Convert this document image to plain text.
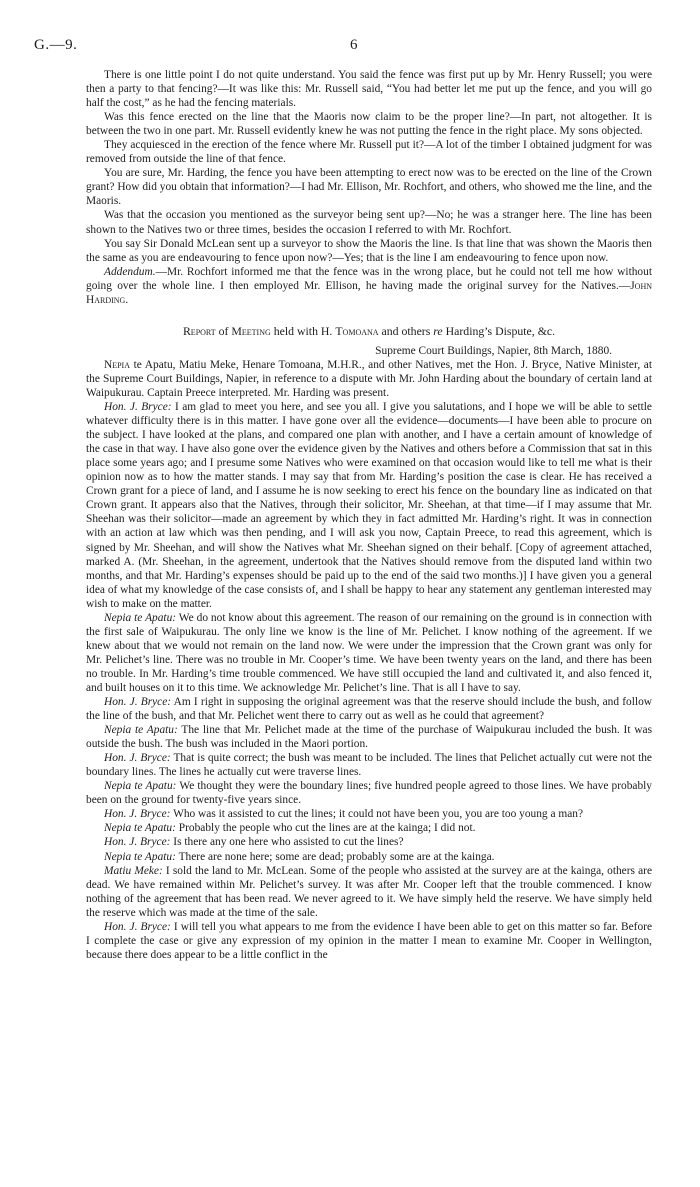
G.—9.	6

There is one little point I do not quite understand. You said the fence was first put up by Mr. Henry Russell; you were then a party to that fencing?—It was like this: Mr. Russell said, “You had better let me put up the fence, and you will go half the cost,” as he had the fencing materials.

Was this fence erected on the line that the Maoris now claim to be the proper line?—In part, not altogether. It is between the two in one part. Mr. Russell evidently knew he was not putting the fence in the right place. My sons objected.

They acquiesced in the erection of the fence where Mr. Russell put it?—A lot of the timber I obtained judgment for was removed from outside the line of that fence.

You are sure, Mr. Harding, the fence you have been attempting to erect now was to be erected on the line of the Crown grant? How did you obtain that information?—I had Mr. Ellison, Mr. Rochfort, and others, who showed me the line, and the Maoris.

Was that the occasion you mentioned as the surveyor being sent up?—No; he was a stranger here. The line has been shown to the Natives two or three times, besides the occasion I referred to with Mr. Rochfort.

You say Sir Donald McLean sent up a surveyor to show the Maoris the line. Is that line that was shown the Maoris then the same as you are endeavouring to fence upon now?—Yes; that is the line I am endeavouring to fence upon now.

Addendum.—Mr. Rochfort informed me that the fence was in the wrong place, but he could not tell me how without going over the whole line. I then employed Mr. Ellison, he having made the original survey for the Natives.—John Harding.

Report of Meeting held with H. Tomoana and others re Harding’s Dispute, &c.

Supreme Court Buildings, Napier, 8th March, 1880.

Nepia te Apatu, Matiu Meke, Henare Tomoana, M.H.R., and other Natives, met the Hon. J. Bryce, Native Minister, at the Supreme Court Buildings, Napier, in reference to a dispute with Mr. John Harding about the boundary of certain land at Waipukurau. Captain Preece interpreted. Mr. Harding was present.

Hon. J. Bryce: I am glad to meet you here, and see you all. I give you salutations, and I hope we will be able to settle whatever difficulty there is in this matter. I have gone over all the evidence—documents—I have been able to procure on the subject. I have looked at the plans, and compared one plan with another, and I have a certain amount of knowledge of the case in that way. I have also gone over the evidence given by the Natives and others before a Commission that sat in this place some years ago; and I presume some Natives who were examined on that occasion would like to tell me what is their opinion now as to how the matter stands. I may say that from Mr. Harding’s position the case is clear. He has received a Crown grant for a piece of land, and I assume he is now seeking to erect his fence on the boundary line as indicated on that Crown grant. It appears also that the Natives, through their solicitor, Mr. Sheehan, at that time—if I may assume that Mr. Sheehan was their solicitor—made an agreement by which they in fact admitted Mr. Harding’s right. It was in connection with an action at law which was then pending, and I will ask you now, Captain Preece, to read this agreement, which is signed by Mr. Sheehan, and will show the Natives what Mr. Sheehan signed on their behalf. [Copy of agreement attached, marked A. (Mr. Sheehan, in the agreement, undertook that the Natives should remove from the disputed land within two months, and that Mr. Harding’s expenses should be paid up to the end of the said two months.)] I have given you a general idea of what my knowledge of the case consists of, and I shall be happy to hear any statement any gentleman interested may wish to make on the matter.

Nepia te Apatu: We do not know about this agreement. The reason of our remaining on the ground is in connection with the first sale of Waipukurau. The only line we know is the line of Mr. Pelichet. I know nothing of the agreement. If we knew about that we would not remain on the land now. We were under the impression that the Crown grant was only for Mr. Pelichet’s line. There was no trouble in Mr. Cooper’s time. We have been twenty years on the land, and there has been no trouble. In Mr. Harding’s time trouble commenced. We have still occupied the land and cultivated it, and also fenced it, and built houses on it to this time. We acknowledge Mr. Pelichet’s line. That is all I have to say.

Hon. J. Bryce: Am I right in supposing the original agreement was that the reserve should include the bush, and follow the line of the bush, and that Mr. Pelichet went there to carry out as well as he could that agreement?

Nepia te Apatu: The line that Mr. Pelichet made at the time of the purchase of Waipukurau included the bush. It was outside the bush. The bush was included in the Maori portion.

Hon. J. Bryce: That is quite correct; the bush was meant to be included. The lines that Pelichet actually cut were not the boundary lines. The lines he actually cut were traverse lines.

Nepia te Apatu: We thought they were the boundary lines; five hundred people agreed to those lines. We have probably been on the ground for twenty-five years since.

Hon. J. Bryce: Who was it assisted to cut the lines; it could not have been you, you are too young a man?

Nepia te Apatu: Probably the people who cut the lines are at the kainga; I did not.

Hon. J. Bryce: Is there any one here who assisted to cut the lines?

Nepia te Apatu: There are none here; some are dead; probably some are at the kainga.

Matiu Meke: I sold the land to Mr. McLean. Some of the people who assisted at the survey are at the kainga, others are dead. We have remained within Mr. Pelichet’s survey. It was after Mr. Cooper left that the trouble commenced. I know nothing of the agreement that has been read. We never agreed to it. We have simply held the reserve. We have simply held the reserve which was made at the time of the sale.

Hon. J. Bryce: I will tell you what appears to me from the evidence I have been able to get on this matter so far. Before I complete the case or give any expression of my opinion in the matter I mean to examine Mr. Cooper in Wellington, because there does appear to be a little conflict in the
